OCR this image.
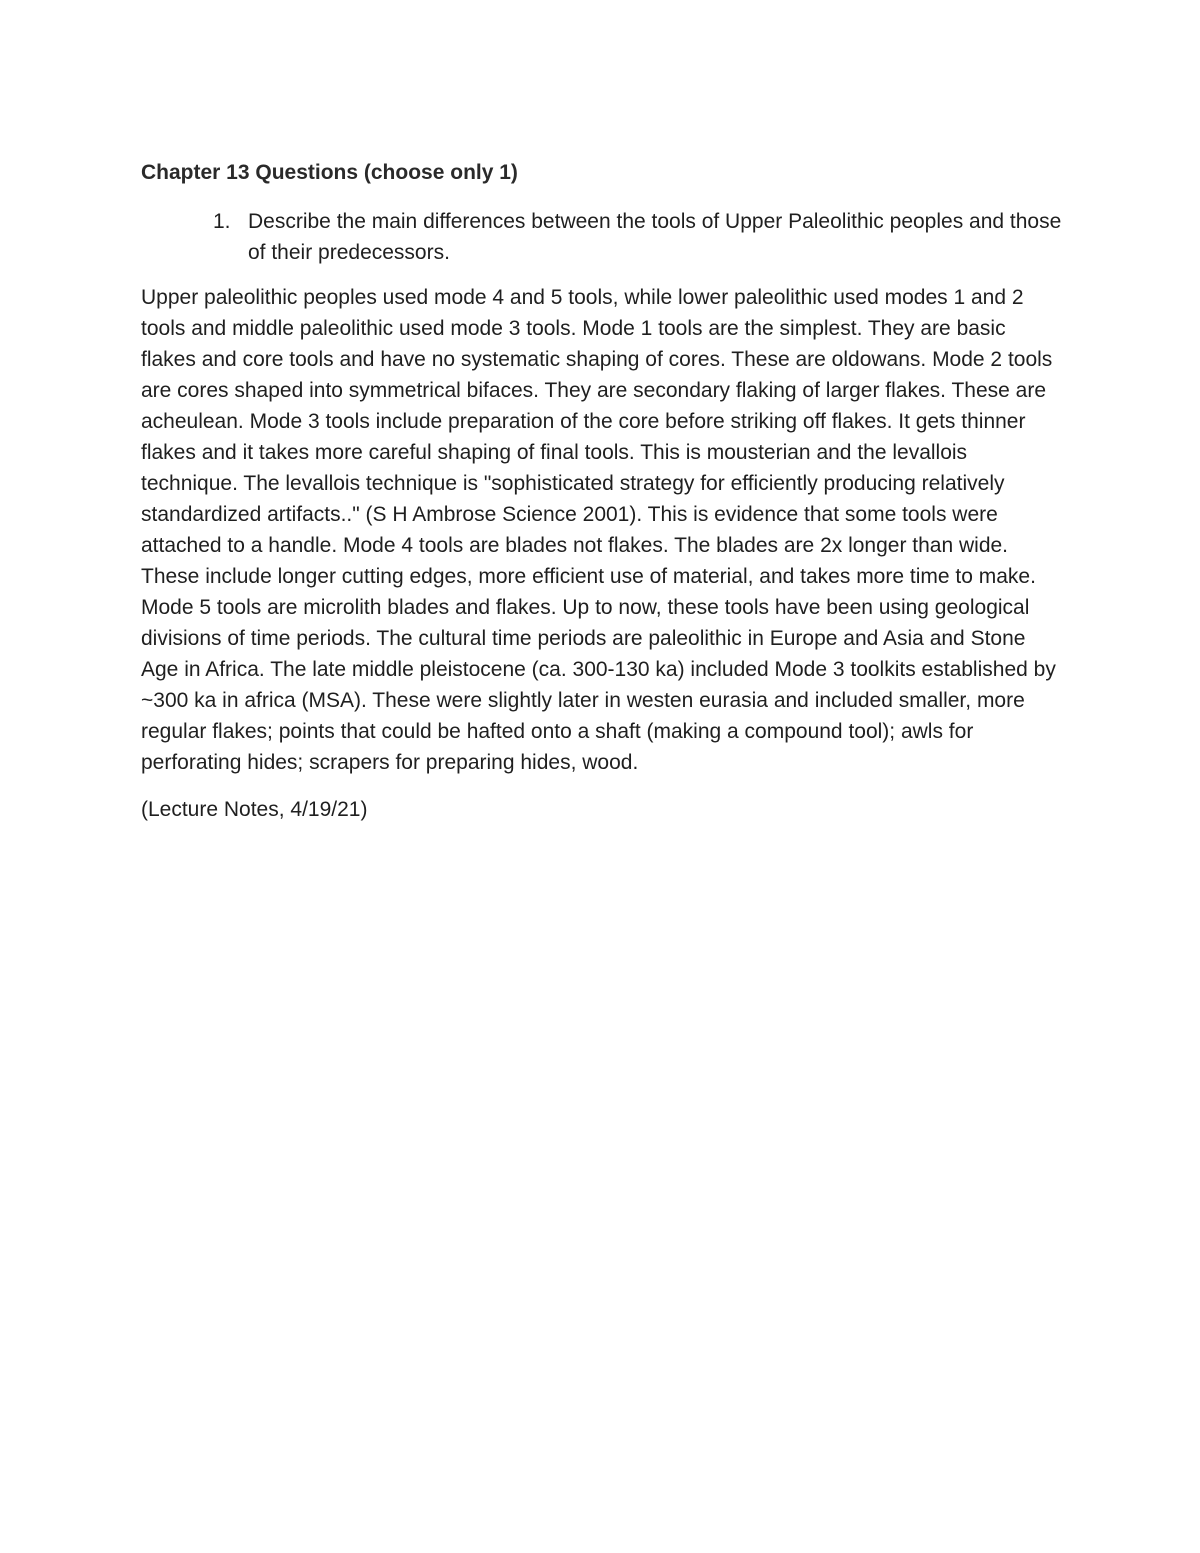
Chapter 13 Questions (choose only 1)
1. Describe the main differences between the tools of Upper Paleolithic peoples and those of their predecessors.

Upper paleolithic peoples used mode 4 and 5 tools, while lower paleolithic used modes 1 and 2 tools and middle paleolithic used mode 3 tools. Mode 1 tools are the simplest. They are basic flakes and core tools and have no systematic shaping of cores. These are oldowans. Mode 2 tools are cores shaped into symmetrical bifaces. They are secondary flaking of larger flakes. These are acheulean. Mode 3 tools include preparation of the core before striking off flakes. It gets thinner flakes and it takes more careful shaping of final tools. This is mousterian and the levallois technique. The levallois technique is "sophisticated strategy for efficiently producing relatively standardized artifacts.." (S H Ambrose Science 2001). This is evidence that some tools were attached to a handle. Mode 4 tools are blades not flakes. The blades are 2x longer than wide. These include longer cutting edges, more efficient use of material, and takes more time to make. Mode 5 tools are microlith blades and flakes. Up to now, these tools have been using geological divisions of time periods. The cultural time periods are paleolithic in Europe and Asia and Stone Age in Africa. The late middle pleistocene (ca. 300-130 ka) included Mode 3 toolkits established by ~300 ka in africa (MSA). These were slightly later in westen eurasia and included smaller, more regular flakes; points that could be hafted onto a shaft (making a compound tool); awls for perforating hides; scrapers for preparing hides, wood.

(Lecture Notes, 4/19/21)
